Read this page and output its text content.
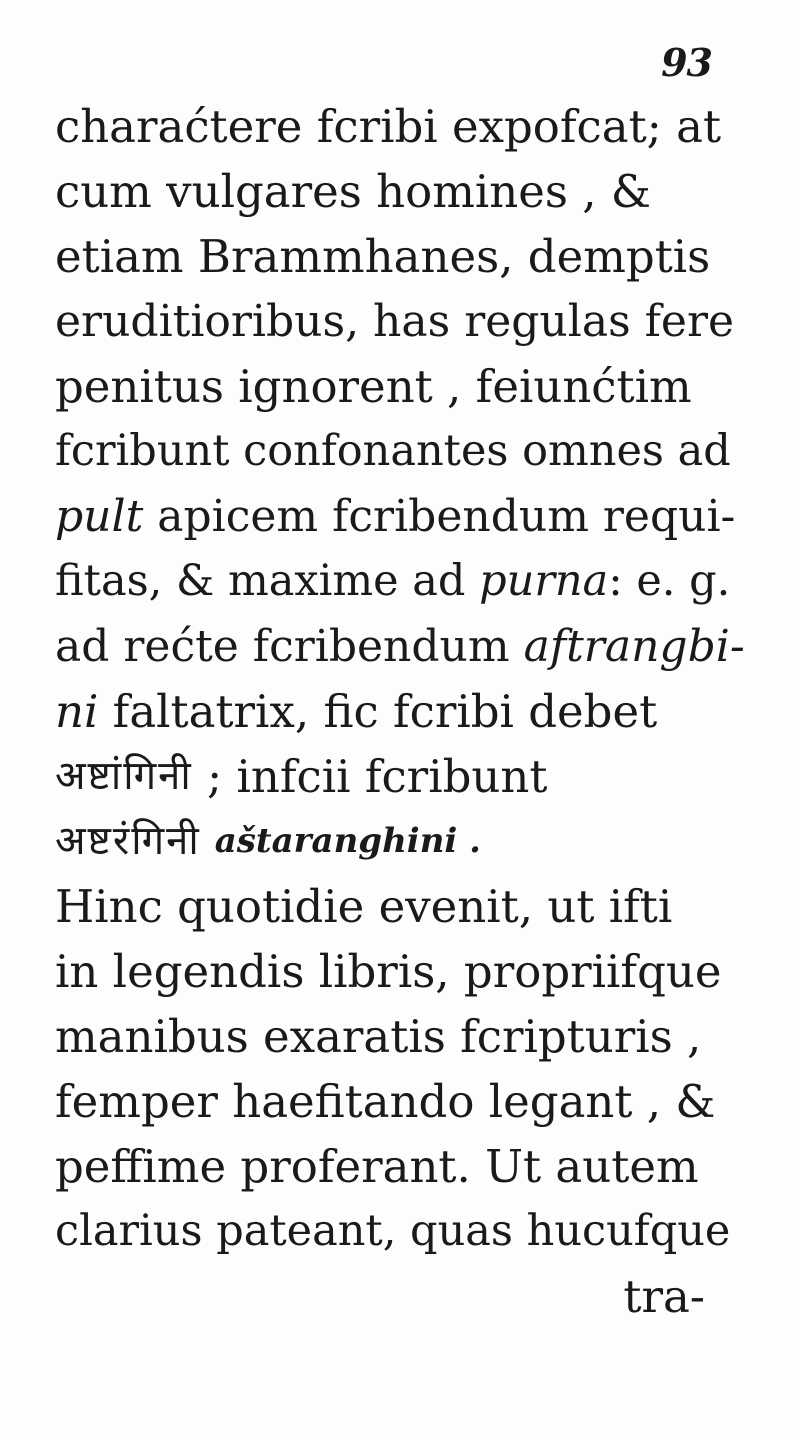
93
charaćtere fcribi expofcat; at
cum vulgares homines , &
etiam Brammhanes, demptis
eruditioribus, has regulas fere
penitus ignorent , feiunćtim
fcribunt confonantes omnes ad
pult apicem fcribendum requi-
fitas, & maxime ad purna : e. g.
ad rećte fcribendum aftrangbi-
ni faltatrix, fic fcribi debet
अष्टांगिनी ; infcii fcribunt
अष्टरंगिनी aštaranghini .
Hinc quotidie evenit, ut ifti
in legendis libris, propriifque
manibus exaratis fcripturis ,
femper haefitando legant , &
peffime proferant. Ut autem
clarius pateant, quas hucufque
tra-
